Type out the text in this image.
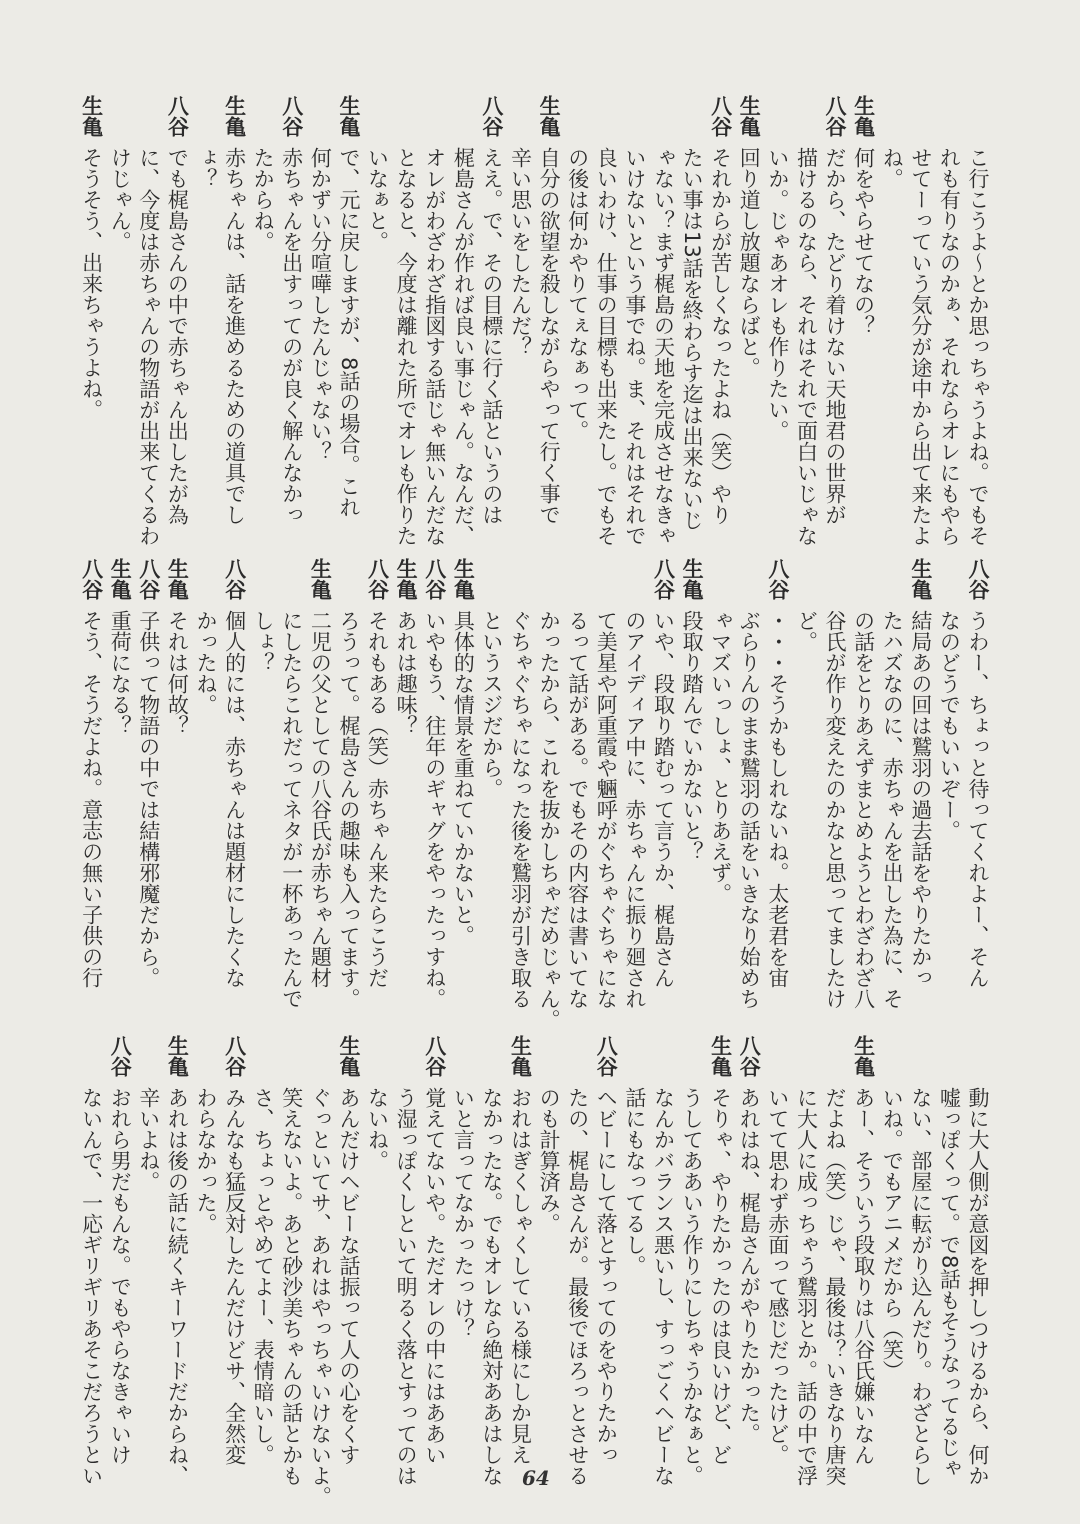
こ行こうよ～とか思っちゃうよね。でもそ
れも有りなのかぁ、それならオレにもやら
せてーっていう気分が途中から出て来たよ
ね。
生亀何をやらせてなの？
八谷だから、たどり着けない天地君の世界が
描けるのなら、それはそれで面白いじゃな
いか。じゃあオレも作りたい。
生亀回り道し放題ならばと。
八谷それからが苦しくなったよね（笑）やり
たい事は13話を終わらす迄は出来ないじ
ゃない？まず梶島の天地を完成させなきゃ
いけないという事でね。ま、それはそれで
良いわけ、仕事の目標も出来たし。でもそ
の後は何かやりてぇなぁって。
生亀自分の欲望を殺しながらやって行く事で
辛い思いをしたんだ？
八谷ええ。で、その目標に行く話というのは
梶島さんが作れば良い事じゃん。なんだ、
オレがわざわざ指図する話じゃ無いんだな
となると、今度は離れた所でオレも作りた
いなぁと。
生亀で、元に戻しますが、8話の場合。これ
何かずい分喧嘩したんじゃない？
八谷赤ちゃんを出すってのが良く解んなかっ
たからね。
生亀赤ちゃんは、話を進めるための道具でし
ょ？
八谷でも梶島さんの中で赤ちゃん出したが為
に、今度は赤ちゃんの物語が出来てくるわ
けじゃん。
生亀そうそう、出来ちゃうよね。
八谷うわー、ちょっと待ってくれよー、そん
なのどうでもいいぞー。
生亀結局あの回は鷲羽の過去話をやりたかっ
たハズなのに、赤ちゃんを出した為に、そ
の話をとりあえずまとめようとわざわざ八
谷氏が作り変えたのかなと思ってましたけ
ど。
八谷・・・そうかもしれないね。太老君を宙
ぶらりんのまま鷲羽の話をいきなり始めち
ゃマズいっしょ、とりあえず。
生亀段取り踏んでいかないと？
八谷いや、段取り踏むって言うか、梶島さん
のアイディア中に、赤ちゃんに振り廻され
て美星や阿重霞や魎呼がぐちゃぐちゃにな
るって話がある。でもその内容は書いてな
かったから、これを抜かしちゃだめじゃん。
ぐちゃぐちゃになった後を鷲羽が引き取る
というスジだから。
生亀具体的な情景を重ねていかないと。
八谷いやもう、往年のギャグをやったっすね。
生亀あれは趣味？
八谷それもある（笑）赤ちゃん来たらこうだ
ろうって。梶島さんの趣味も入ってます。
生亀二児の父としての八谷氏が赤ちゃん題材
にしたらこれだってネタが一杯あったんで
しょ？
八谷個人的には、赤ちゃんは題材にしたくな
かったね。
生亀それは何故？
八谷子供って物語の中では結構邪魔だから。
生亀重荷になる？
八谷そう、そうだよね。意志の無い子供の行
動に大人側が意図を押しつけるから、何か
嘘っぽくって。で8話もそうなってるじゃ
ない、部屋に転がり込んだり。わざとらし
いね。でもアニメだから（笑）
生亀あー、そういう段取りは八谷氏嫌いなん
だよね（笑）じゃ、最後は？いきなり唐突
に大人に成っちゃう鷲羽とか。話の中で浮
いてて思わず赤面って感じだったけど。
八谷あれはね、梶島さんがやりたかった。
生亀そりゃ、やりたかったのは良いけど、ど
うしてああいう作りにしちゃうかなぁと。
なんかバランス悪いし、すっごくヘビーな
話にもなってるし。
八谷ヘビーにして落とすってのをやりたかっ
たの、梶島さんが。最後でほろっとさせる
のも計算済み。
生亀おれはぎくしゃくしている様にしか見え
なかったな。でもオレなら絶対ああはしな
いと言ってなかったっけ？
八谷覚えてないや。ただオレの中にはああい
う湿っぽくしといて明るく落とすってのは
ないね。
生亀あんだけヘビーな話振って人の心をくす
ぐっといてサ、あれはやっちゃいけないよ。
笑えないよ。あと砂沙美ちゃんの話とかも
さ、ちょっとやめてよー、表情暗いし。
八谷みんなも猛反対したんだけどサ、全然変
わらなかった。
生亀あれは後の話に続くキーワードだからね、
辛いよね。
八谷おれら男だもんな。でもやらなきゃいけ
ないんで、一応ギリギリあそこだろうとい	64
